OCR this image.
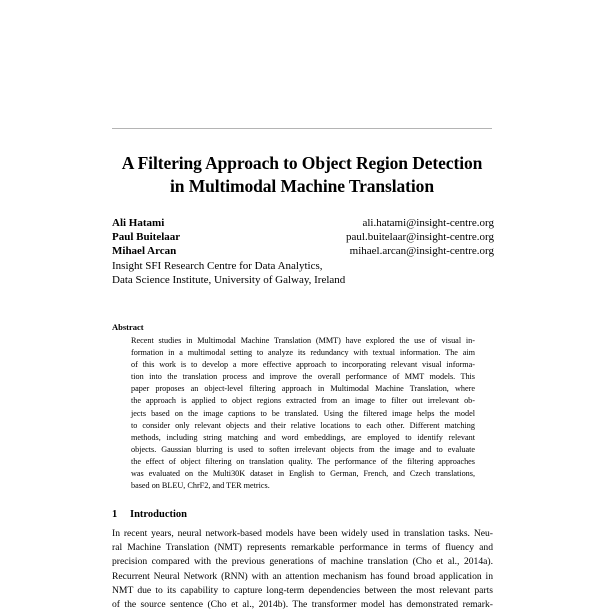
A Filtering Approach to Object Region Detection
in Multimodal Machine Translation
Ali Hatami	ali.hatami@insight-centre.org
Paul Buitelaar	paul.buitelaar@insight-centre.org
Mihael Arcan	mihael.arcan@insight-centre.org
Insight SFI Research Centre for Data Analytics,
Data Science Institute, University of Galway, Ireland
Abstract
Recent studies in Multimodal Machine Translation (MMT) have explored the use of visual in-
formation in a multimodal setting to analyze its redundancy with textual information. The aim
of this work is to develop a more effective approach to incorporating relevant visual informa-
tion into the translation process and improve the overall performance of MMT models. This
paper proposes an object-level filtering approach in Multimodal Machine Translation, where
the approach is applied to object regions extracted from an image to filter out irrelevant ob-
jects based on the image captions to be translated. Using the filtered image helps the model
to consider only relevant objects and their relative locations to each other. Different matching
methods, including string matching and word embeddings, are employed to identify relevant
objects. Gaussian blurring is used to soften irrelevant objects from the image and to evaluate
the effect of object filtering on translation quality. The performance of the filtering approaches
was evaluated on the Multi30K dataset in English to German, French, and Czech translations,
based on BLEU, ChrF2, and TER metrics.
1 Introduction
In recent years, neural network-based models have been widely used in translation tasks. Neu-
ral Machine Translation (NMT) represents remarkable performance in terms of fluency and
precision compared with the previous generations of machine translation (Cho et al., 2014a).
Recurrent Neural Network (RNN) with an attention mechanism has found broad application in
NMT due to its capability to capture long-term dependencies between the most relevant parts
of the source sentence (Cho et al., 2014b). The transformer model has demonstrated remark-
